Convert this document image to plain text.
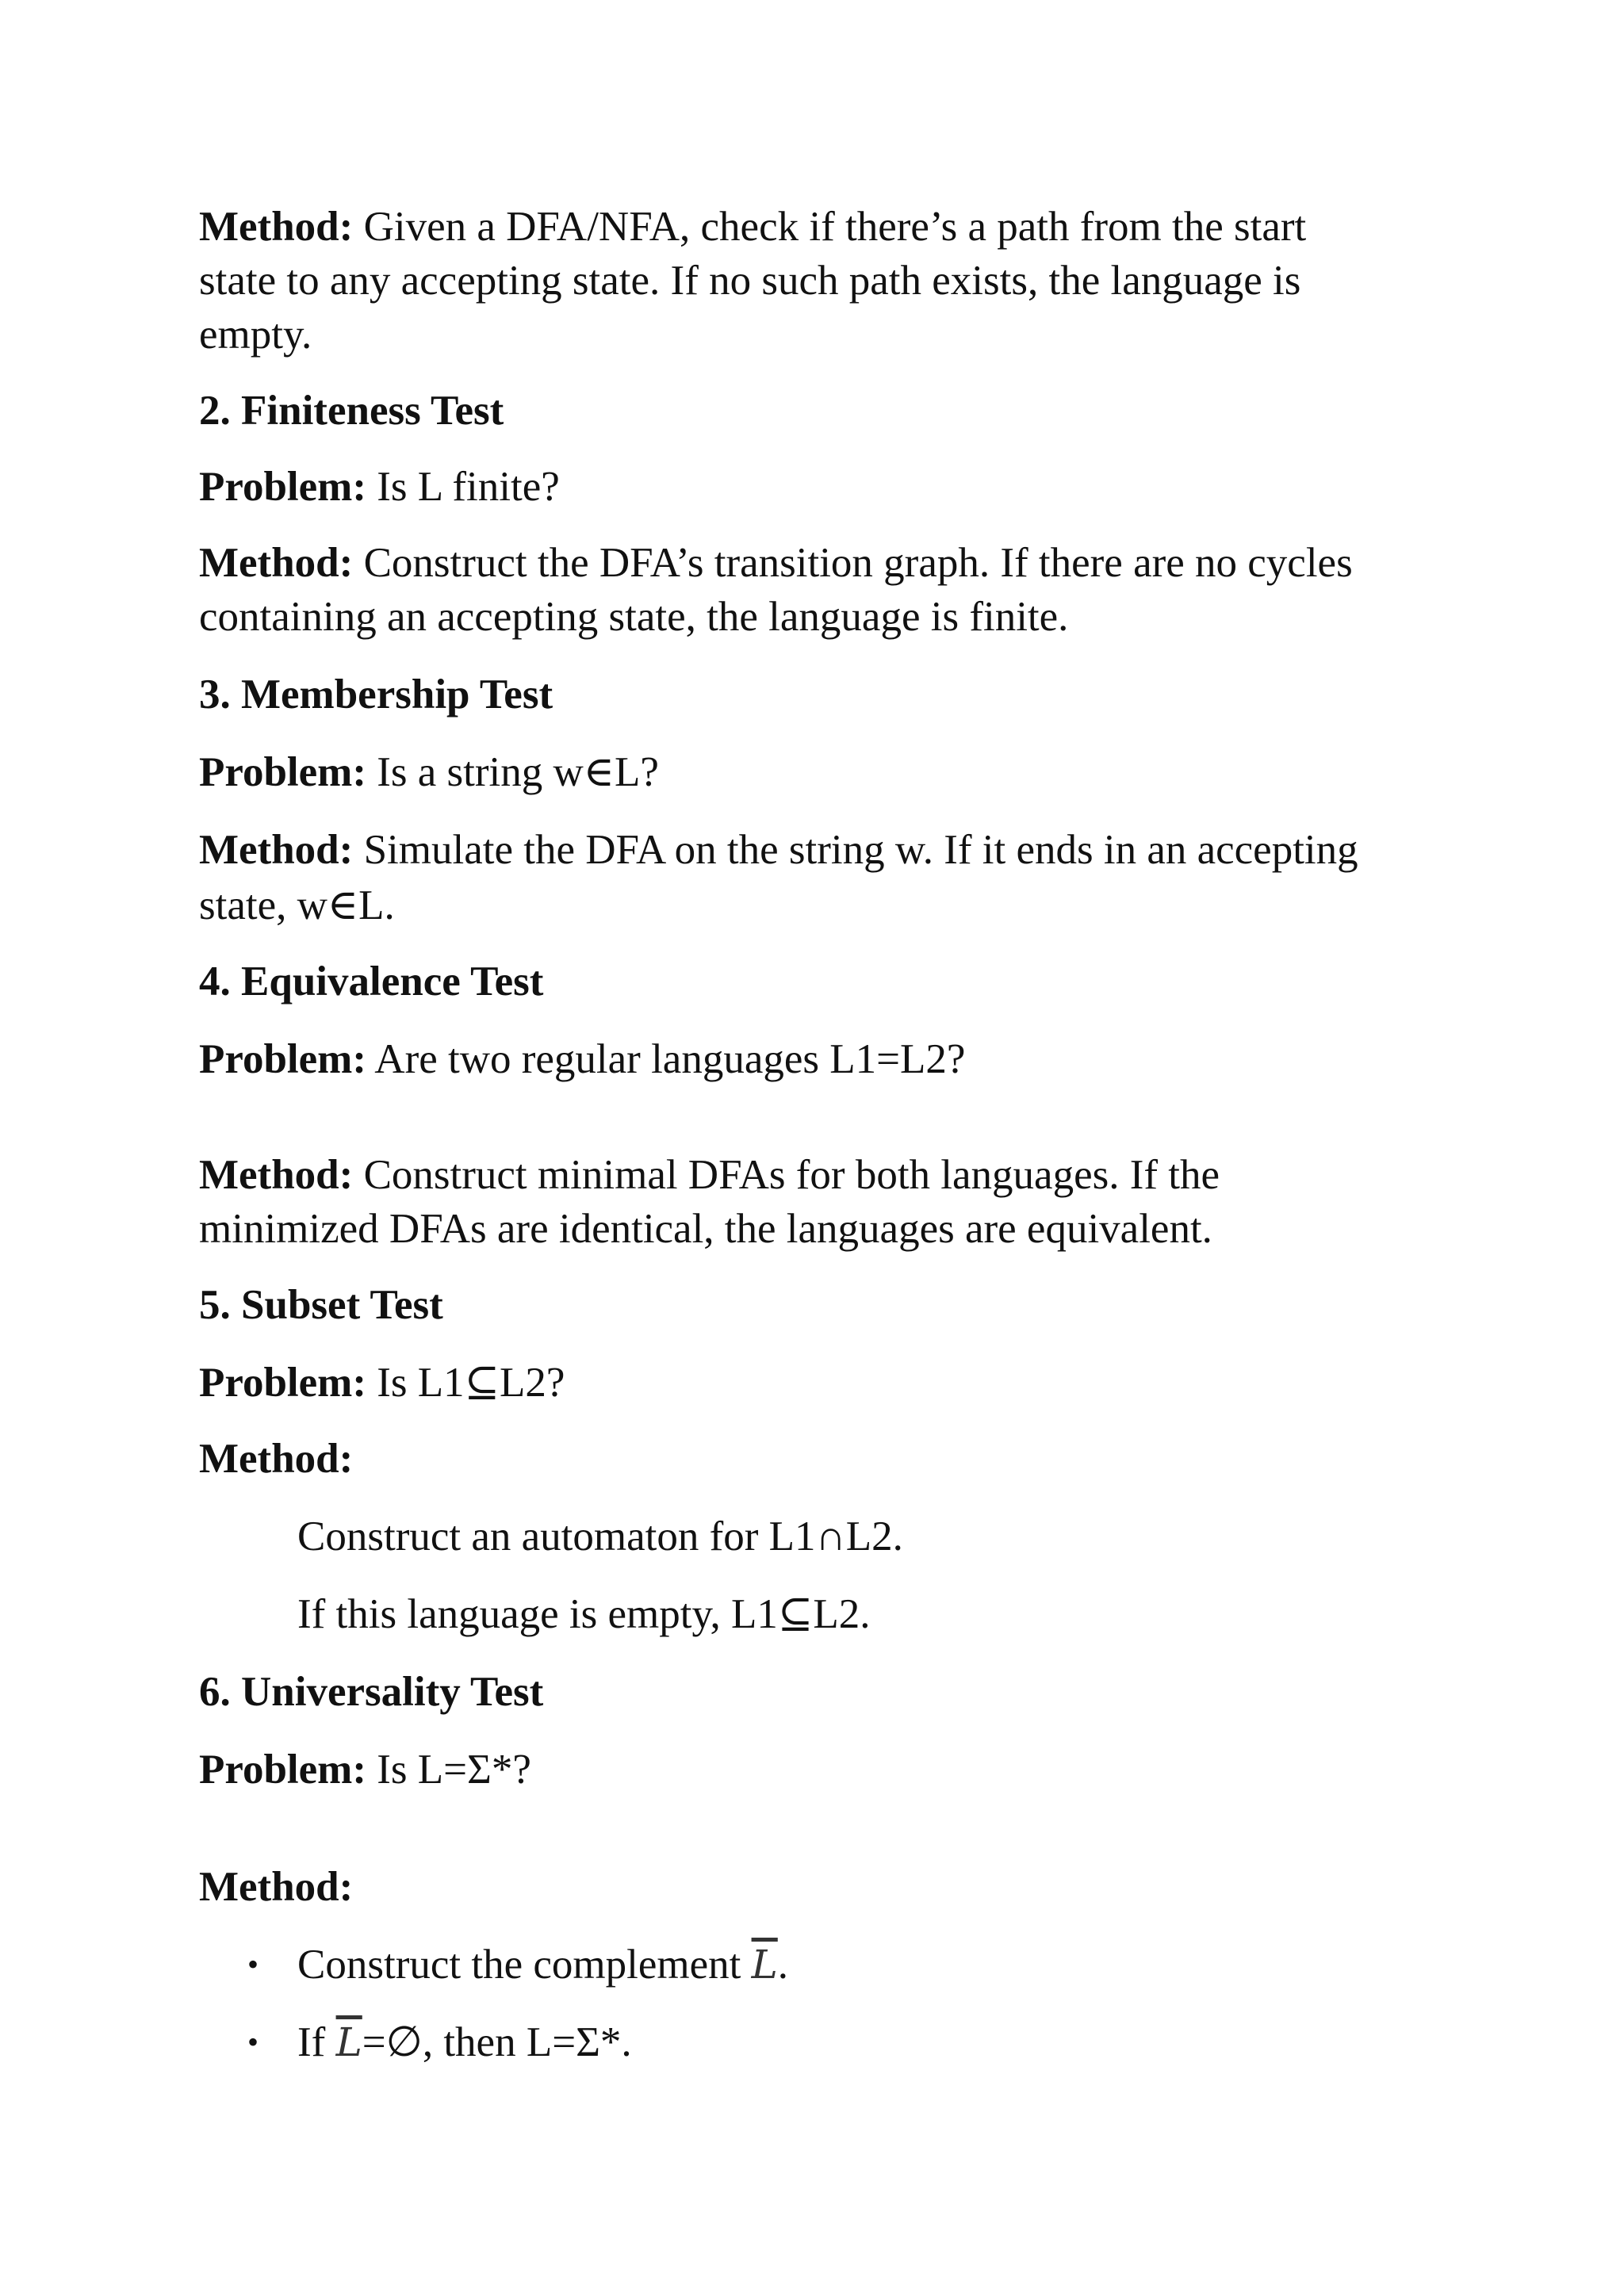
Method: Given a DFA/NFA, check if there’s a path from the start
state to any accepting state. If no such path exists, the language is
empty.
2. Finiteness Test
Problem: Is L finite?
Method: Construct the DFA’s transition graph. If there are no cycles
containing an accepting state, the language is finite.
3. Membership Test
Problem: Is a string w∈L?
Method: Simulate the DFA on the string w. If it ends in an accepting
state, w∈L.
4. Equivalence Test
Problem: Are two regular languages L1=L2?
Method: Construct minimal DFAs for both languages. If the
minimized DFAs are identical, the languages are equivalent.
5. Subset Test
Problem: Is L1⊆L2?
Method:
Construct an automaton for L1∩L2.
If this language is empty, L1⊆L2.
6. Universality Test
Problem: Is L=Σ*?
Method:
• Construct the complement $\overline{L}$.
• If $\overline{L}=\emptyset$, then L=Σ*.
